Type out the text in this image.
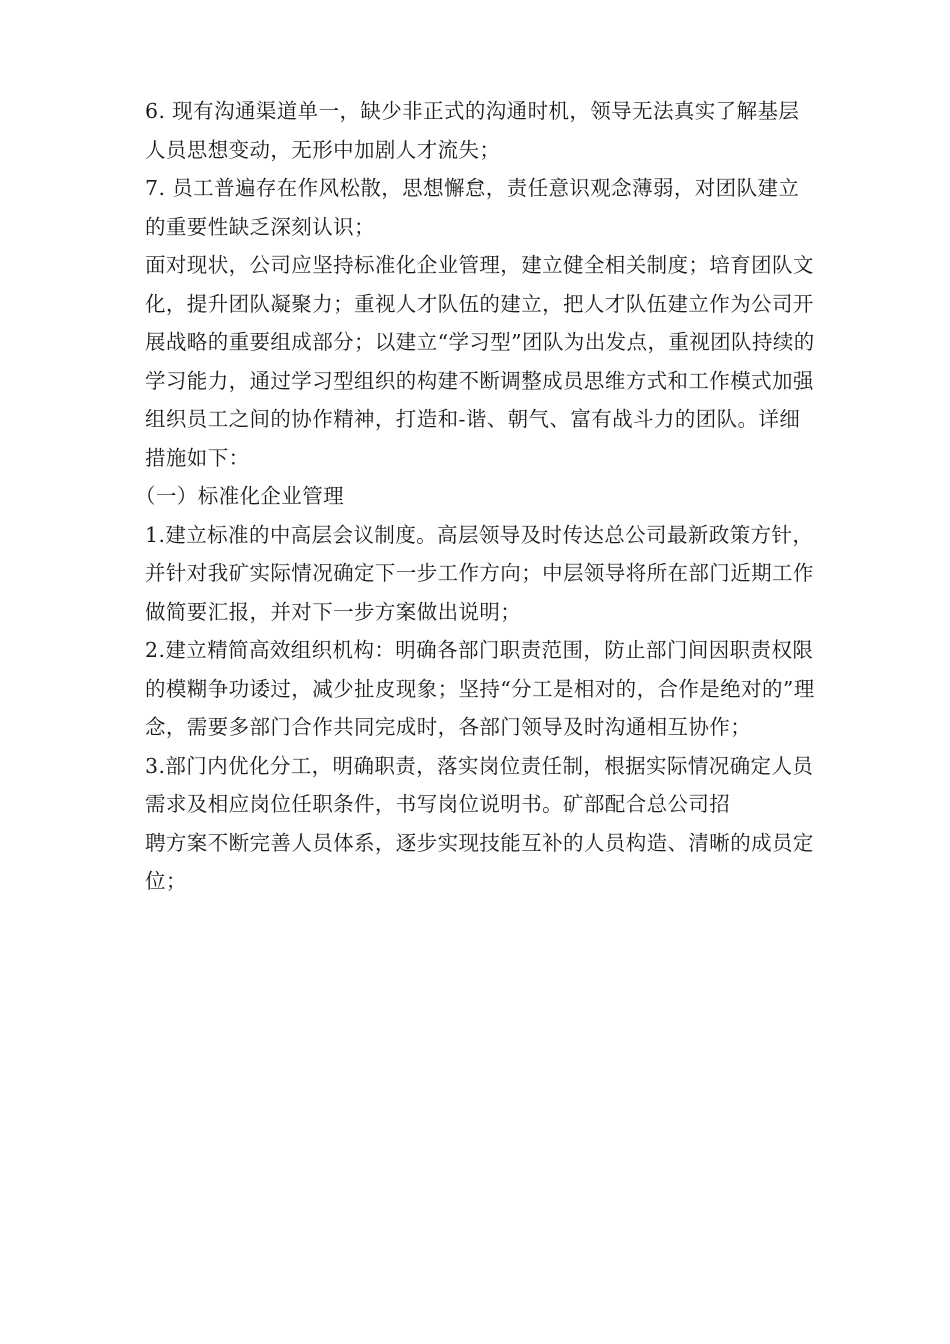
6. 现有沟通渠道单一，缺少非正式的沟通时机，领导无法真实了解基层人员思想变动，无形中加剧人才流失；

7. 员工普遍存在作风松散，思想懈怠，责任意识观念薄弱，对团队建立的重要性缺乏深刻认识；

面对现状，公司应坚持标准化企业管理，建立健全相关制度；培育团队文化，提升团队凝聚力；重视人才队伍的建立，把人才队伍建立作为公司开展战略的重要组成部分；以建立“学习型”团队为出发点，重视团队持续的学习能力，通过学习型组织的构建不断调整成员思维方式和工作模式加强组织员工之间的协作精神，打造和-谐、朝气、富有战斗力的团队。详细措施如下：

（一）标准化企业管理

1.建立标准的中高层会议制度。高层领导及时传达总公司最新政策方针，并针对我矿实际情况确定下一步工作方向；中层领导将所在部门近期工作做简要汇报，并对下一步方案做出说明；

2.建立精简高效组织机构：明确各部门职责范围，防止部门间因职责权限的模糊争功诿过，减少扯皮现象；坚持“分工是相对的，合作是绝对的”理念，需要多部门合作共同完成时，各部门领导及时沟通相互协作；

3.部门内优化分工，明确职责，落实岗位责任制，根据实际情况确定人员需求及相应岗位任职条件，书写岗位说明书。矿部配合总公司招

聘方案不断完善人员体系，逐步实现技能互补的人员构造、清晰的成员定位；
